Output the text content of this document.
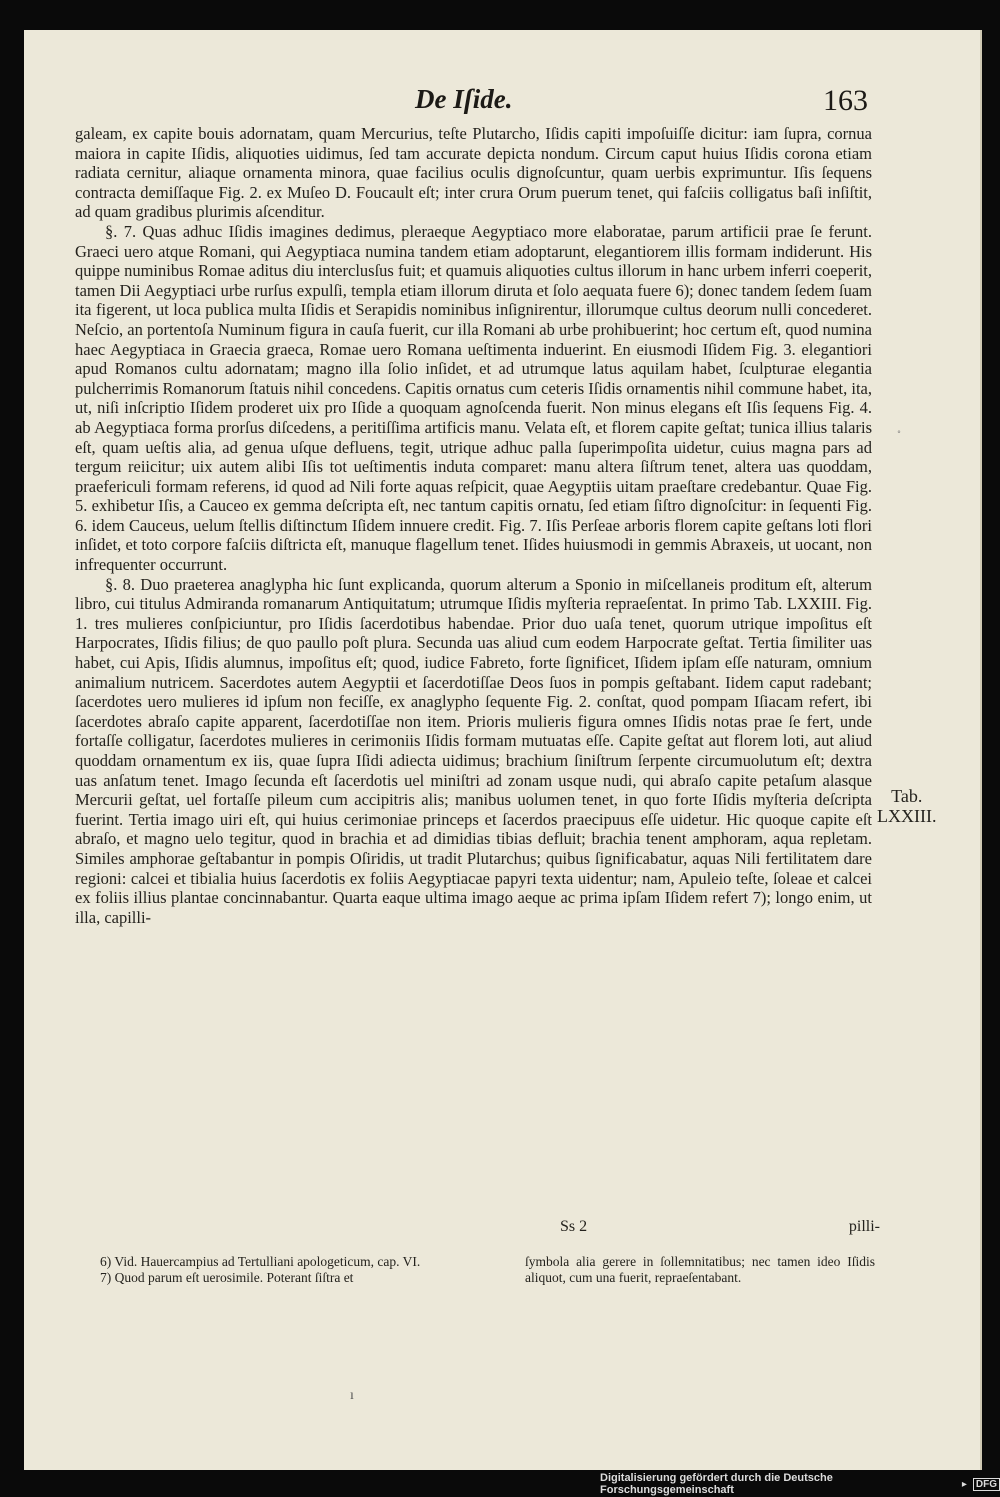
De Iſide.	163

galeam, ex capite bouis adornatam, quam Mercurius, teſte Plutarcho, Iſidis capiti impoſuiſſe dicitur: iam ſupra, cornua maiora in capite Iſidis, aliquoties uidimus, ſed tam accurate depicta nondum. Circum caput huius Iſidis corona etiam radiata cernitur, aliaque ornamenta minora, quae facilius oculis dignoſcuntur, quam uerbis exprimuntur. Iſis ſequens contracta demiſſaque Fig. 2. ex Muſeo D. Foucault eſt; inter crura Orum puerum tenet, qui faſciis colligatus baſi inſiſtit, ad quam gradibus plurimis aſcenditur.

§. 7. Quas adhuc Iſidis imagines dedimus, pleraeque Aegyptiaco more elaboratae, parum artificii prae ſe ferunt. Graeci uero atque Romani, qui Aegyptiaca numina tandem etiam adoptarunt, elegantiorem illis formam indiderunt. His quippe numinibus Romae aditus diu interclusſus fuit; et quamuis aliquoties cultus illorum in hanc urbem inferri coeperit, tamen Dii Aegyptiaci urbe rurſus expulſi, templa etiam illorum diruta et ſolo aequata fuere 6); donec tandem ſedem ſuam ita figerent, ut loca publica multa Iſidis et Serapidis nominibus inſignirentur, illorumque cultus deorum nulli concederet. Neſcio, an portentoſa Numinum figura in cauſa fuerit, cur illa Romani ab urbe prohibuerint; hoc certum eſt, quod numina haec Aegyptiaca in Graecia graeca, Romae uero Romana ueſtimenta induerint. En eiusmodi Iſidem Fig. 3. elegantiori apud Romanos cultu adornatam; magno illa ſolio inſidet, et ad utrumque latus aquilam habet, ſculpturae elegantia pulcherrimis Romanorum ſtatuis nihil concedens. Capitis ornatus cum ceteris Iſidis ornamentis nihil commune habet, ita, ut, niſi inſcriptio Iſidem proderet uix pro Iſide a quoquam agnoſcenda fuerit. Non minus elegans eſt Iſis ſequens Fig. 4. ab Aegyptiaca forma prorſus diſcedens, a peritiſſima artificis manu. Velata eſt, et florem capite geſtat; tunica illius talaris eſt, quam ueſtis alia, ad genua uſque defluens, tegit, utrique adhuc palla ſuperimpoſita uidetur, cuius magna pars ad tergum reiicitur; uix autem alibi Iſis tot ueſtimentis induta comparet: manu altera ſiſtrum tenet, altera uas quoddam, praefericuli formam referens, id quod ad Nili forte aquas reſpicit, quae Aegyptiis uitam praeſtare credebantur. Quae Fig. 5. exhibetur Iſis, a Cauceo ex gemma deſcripta eſt, nec tantum capitis ornatu, ſed etiam ſiſtro dignoſcitur: in ſequenti Fig. 6. idem Cauceus, uelum ſtellis diſtinctum Iſidem innuere credit. Fig. 7. Iſis Perſeae arboris florem capite geſtans loti flori inſidet, et toto corpore faſciis diſtricta eſt, manuque flagellum tenet. Iſides huiusmodi in gemmis Abraxeis, ut uocant, non infrequenter occurrunt.

§. 8. Duo praeterea anaglypha hic ſunt explicanda, quorum alterum a Sponio in miſcellaneis proditum eſt, alterum libro, cui titulus Admiranda romanarum Antiquitatum; utrumque Iſidis myſteria repraeſentat. In primo Tab. LXXIII. Fig. 1. tres mulieres conſpiciuntur, pro Iſidis ſacerdotibus habendae. Prior duo uaſa tenet, quorum utrique impoſitus eſt Harpocrates, Iſidis filius; de quo paullo poſt plura. Secunda uas aliud cum eodem Harpocrate geſtat. Tertia ſimiliter uas habet, cui Apis, Iſidis alumnus, impoſitus eſt; quod, iudice Fabreto, forte ſignificet, Iſidem ipſam eſſe naturam, omnium animalium nutricem. Sacerdotes autem Aegyptii et ſacerdotiſſae Deos ſuos in pompis geſtabant. Iidem caput radebant; ſacerdotes uero mulieres id ipſum non feciſſe, ex anaglypho ſequente Fig. 2. conſtat, quod pompam Iſiacam refert, ibi ſacerdotes abraſo capite apparent, ſacerdotiſſae non item. Prioris mulieris figura omnes Iſidis notas prae ſe fert, unde fortaſſe colligatur, ſacerdotes mulieres in cerimoniis Iſidis formam mutuatas eſſe. Capite geſtat aut florem loti, aut aliud quoddam ornamentum ex iis, quae ſupra Iſidi adiecta uidimus; brachium ſiniſtrum ſerpente circumuolutum eſt; dextra uas anſatum tenet. Imago ſecunda eſt ſacerdotis uel miniſtri ad zonam usque nudi, qui abraſo capite petaſum alasque Mercurii geſtat, uel fortaſſe pileum cum accipitris alis; manibus uolumen tenet, in quo forte Iſidis myſteria deſcripta fuerint. Tertia imago uiri eſt, qui huius cerimoniae princeps et ſacerdos praecipuus eſſe uidetur. Hic quoque capite eſt abraſo, et magno uelo tegitur, quod in brachia et ad dimidias tibias defluit; brachia tenent amphoram, aqua repletam. Similes amphorae geſtabantur in pompis Oſiridis, ut tradit Plutarchus; quibus ſignificabatur, aquas Nili fertilitatem dare regioni: calcei et tibialia huius ſacerdotis ex foliis Aegyptiacae papyri texta uidentur; nam, Apuleio teſte, ſoleae et calcei ex foliis illius plantae concinnabantur. Quarta eaque ultima imago aeque ac prima ipſam Iſidem refert 7); longo enim, ut illa, capilli-

Tab.
LXXIII.
Ss 2	pilli-

6) Vid. Hauercampius ad Tertulliani apologeticum, cap. VI.

7) Quod parum eſt uerosimile. Poterant ſiſtra et

ſymbola alia gerere in ſollemnitatibus; nec tamen ideo Iſidis aliquot, cum una fuerit, repraeſentabant.

ı
˚
Digitalisierung gefördert durch die Deutsche Forschungsgemeinschaft	▸ DFG
